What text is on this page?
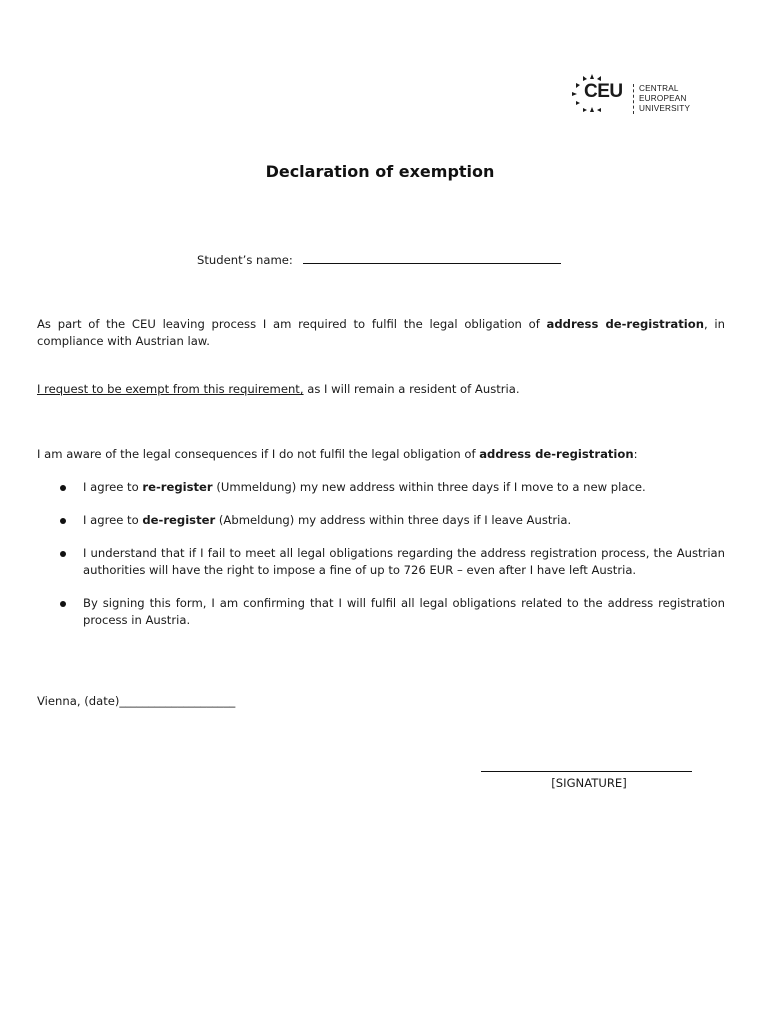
CEU CENTRAL
EUROPEAN
UNIVERSITY
Declaration of exemption
Student’s name:
As part of the CEU leaving process I am required to fulfil the legal obligation of address de-registration, in compliance with Austrian law.
I request to be exempt from this requirement, as I will remain a resident of Austria.
I am aware of the legal consequences if I do not fulfil the legal obligation of address de-registration:
I agree to re-register (Ummeldung) my new address within three days if I move to a new place.
I agree to de-register (Abmeldung) my address within three days if I leave Austria.
I understand that if I fail to meet all legal obligations regarding the address registration process, the Austrian authorities will have the right to impose a fine of up to 726 EUR – even after I have left Austria.
By signing this form, I am confirming that I will fulfil all legal obligations related to the address registration process in Austria.
Vienna, (date)____________________
[SIGNATURE]
